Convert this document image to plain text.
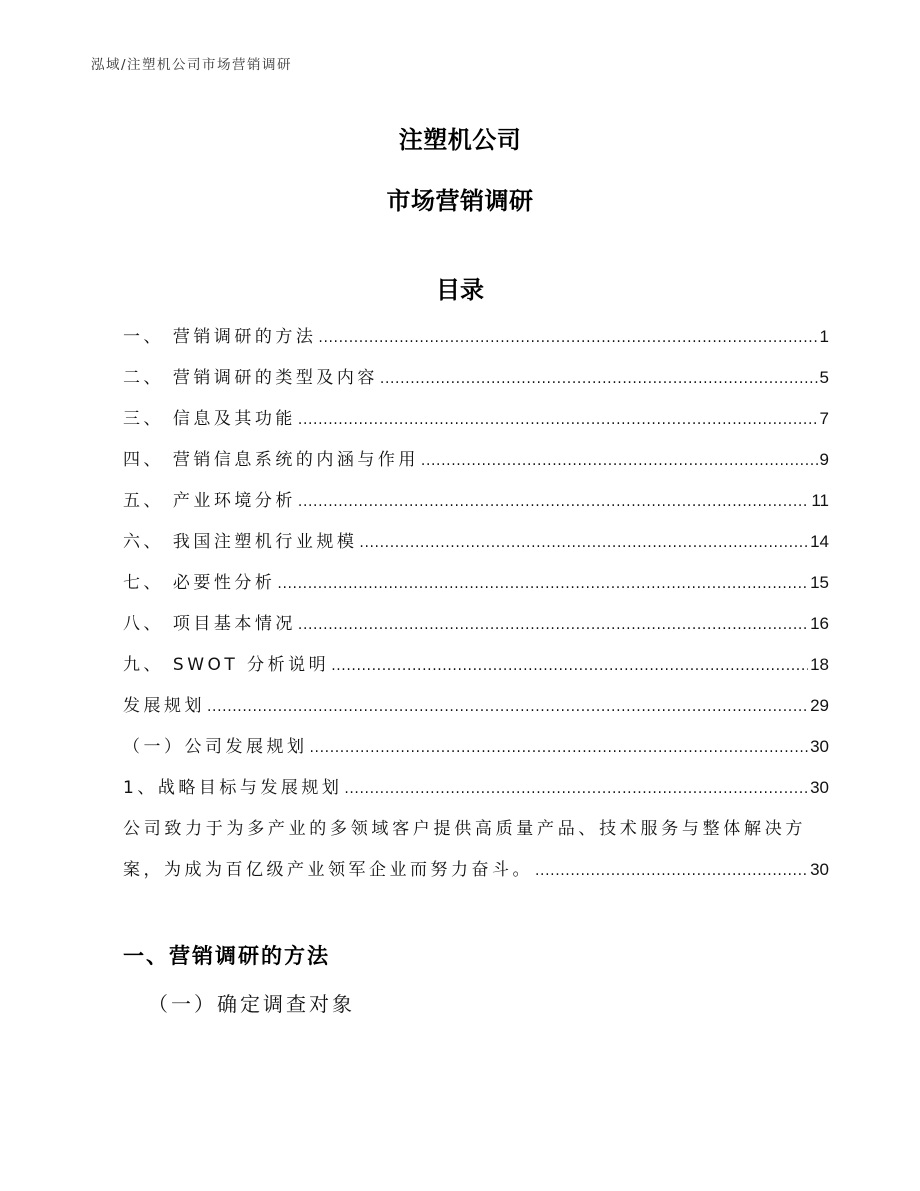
泓域/注塑机公司市场营销调研
注塑机公司
市场营销调研
目录
一、 营销调研的方法 .....	1
二、 营销调研的类型及内容 .....	5
三、 信息及其功能 .....	7
四、 营销信息系统的内涵与作用 .....	9
五、 产业环境分析 .....	11
六、 我国注塑机行业规模 .....	14
七、 必要性分析 .....	15
八、 项目基本情况 .....	16
九、 SWOT 分析说明 .....	18
发展规划 .....	29
（一）公司发展规划 .....	30
1、战略目标与发展规划 .....	30
公司致力于为多产业的多领域客户提供高质量产品、技术服务与整体解决方
案，为成为百亿级产业领军企业而努力奋斗。 .....	30
一、营销调研的方法
（一）确定调查对象
